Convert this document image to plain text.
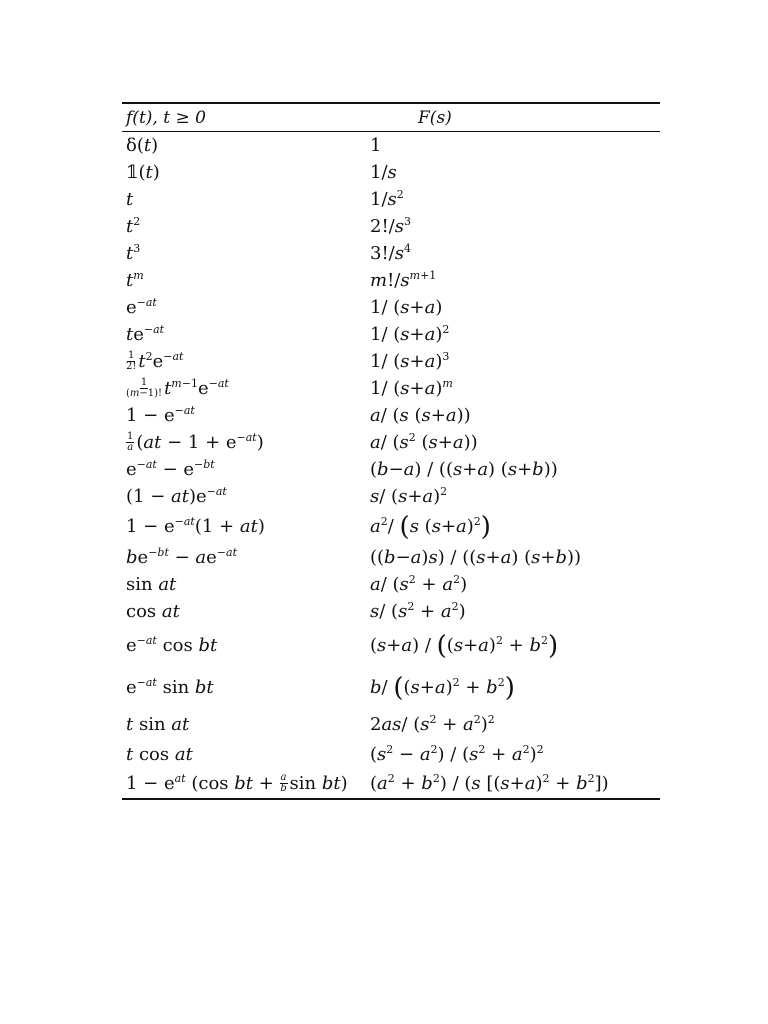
f(t), t ≥ 0	F(s)
δ(t)	1
𝟙(t)	1/s
t	$1/s^2$
$t^2$	$2!/s^3$
$t^3$	$3!/s^4$
$t^m$	$m!/s^{m+1}$
$e^{-at}$	1/ (s+a)
$te^{-at}$	1/ $(s+a)^2$
$\frac{1}{2!} t^2e^{-at}$	1/ $(s+a)^3$
$\frac{1}{(m-1)!} t^{m-1}e^{-at}$	1/ $(s+a)^m$
$1 - e^{-at}$	a/ (s (s+a))
$\frac{1}{a} (at - 1 + e^{-at})$	a/ ($s^2$ (s+a))
$e^{-at} - e^{-bt}$	(b−a) / ((s+a) (s+b))
$(1 - at)e^{-at}$	s/ $(s+a)^2$
$1 - e^{-at}(1 + at)$	$a^2/$ (s $(s+a)^2$)
$be^{-bt} - ae^{-at}$	((b−a)s) / ((s+a) (s+b))
sin at	a/ $(s^2 + a^2)$
cos at	s/ $(s^2 + a^2)$
$e^{-at}$ cos bt	$(s+a) / ((s+a)^2 + b^2)$
$e^{-at}$ sin bt	b/ $((s+a)^2 + b^2)$
t sin at	2as/ $(s^2 + a^2)^2$
t cos at	$(s^2 - a^2) / (s^2 + a^2)^2$
$1 - e^{at}$ (cos bt + $\frac{a}{b}$ sin bt)	$(a^2 + b^2) / (s$ $[(s+a)^2 + b^2]$)
